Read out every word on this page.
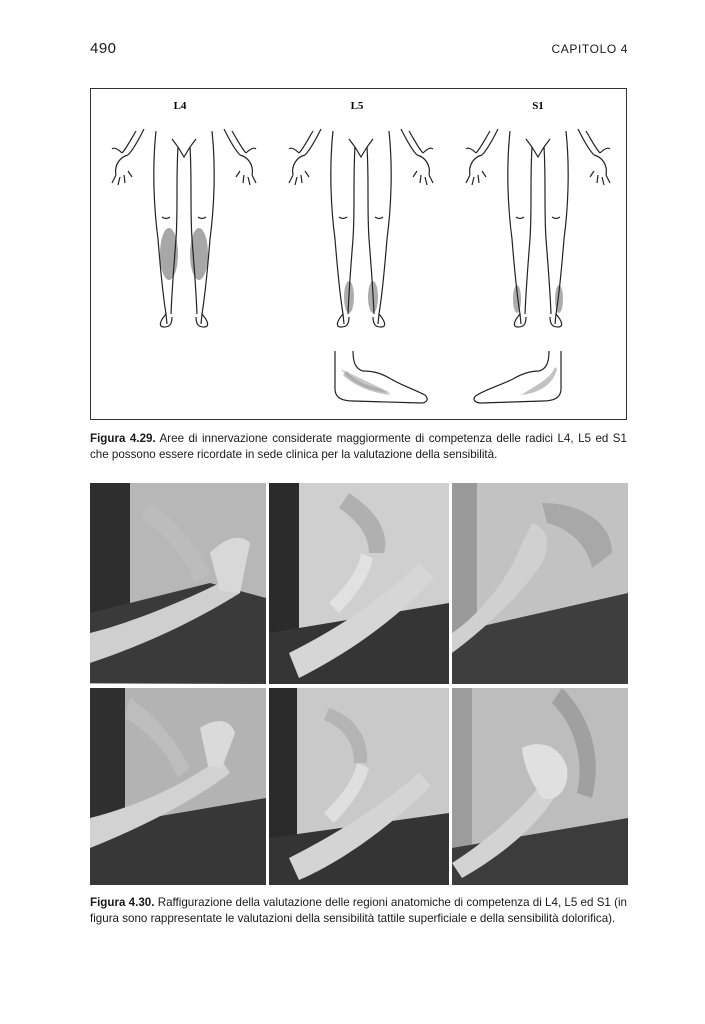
490	CAPITOLO 4
L4	L5	S1
Figura 4.29. Aree di innervazione considerate maggiormente di competenza delle radici L4, L5 ed S1 che possono essere ricordate in sede clinica per la valutazione della sensibilità.
Figura 4.30. Raffigurazione della valutazione delle regioni anatomiche di competenza di L4, L5 ed S1 (in figura sono rappresentate le valutazioni della sensibilità tattile superficiale e della sensibilità dolorifica).
